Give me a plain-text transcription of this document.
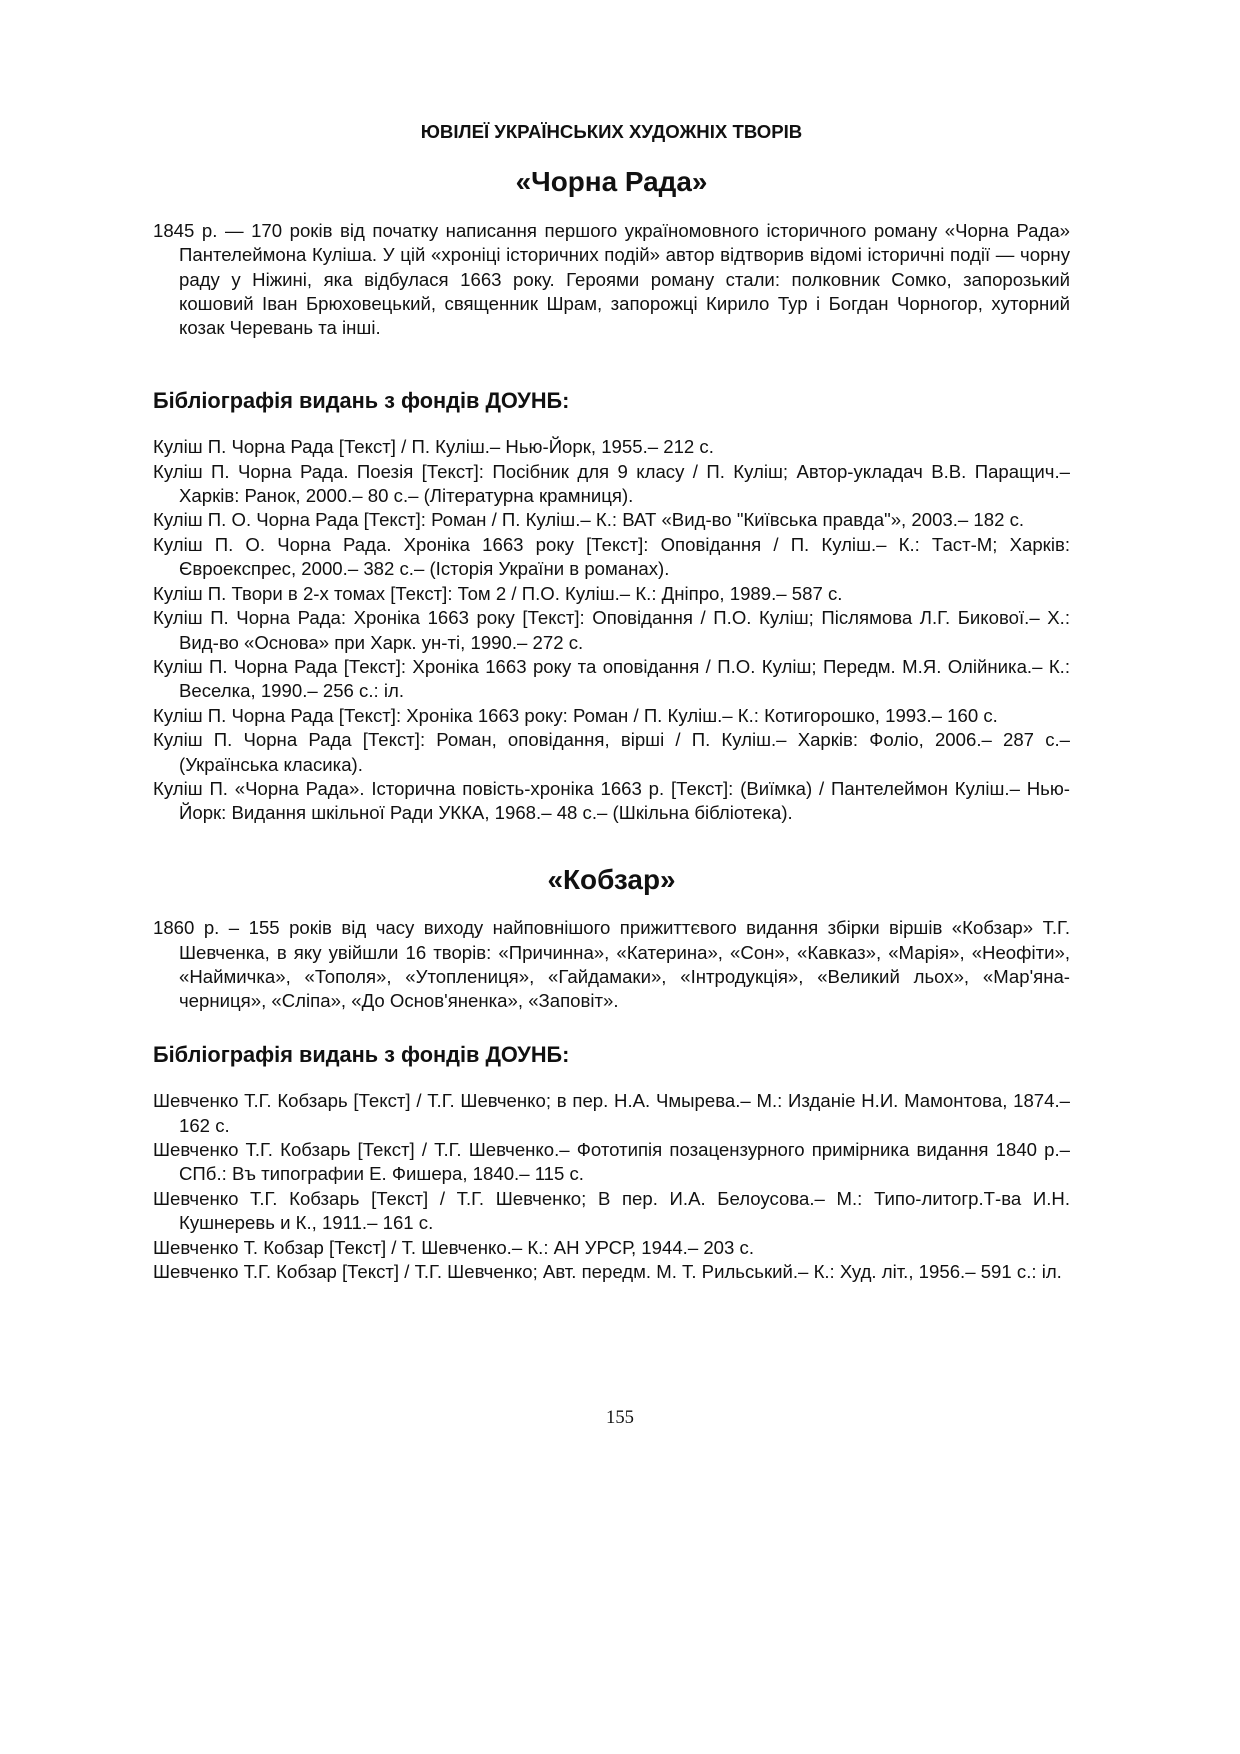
ЮВІЛЕЇ УКРАЇНСЬКИХ ХУДОЖНІХ ТВОРІВ
«Чорна Рада»

1845 р. — 170 років від початку написання першого україномовного історичного роману «Чорна Рада» Пантелеймона Куліша. У цій «хроніці історичних подій» автор відтворив відомі історичні події — чорну раду у Ніжині, яка відбулася 1663 року. Героями роману стали: полковник Сомко, запорозький кошовий Іван Брюховецький, священник Шрам, запорожці Кирило Тур і Богдан Чорногор, хуторний козак Черевань та інші.

Бібліографія видань з фондів ДОУНБ:
Куліш П. Чорна Рада [Текст] / П. Куліш.– Нью-Йорк, 1955.– 212 с.
Куліш П. Чорна Рада. Поезія [Текст]: Посібник для 9 класу / П. Куліш; Автор-укладач В.В. Паращич.– Харків: Ранок, 2000.– 80 с.– (Літературна крамниця).
Куліш П. О. Чорна Рада [Текст]: Роман / П. Куліш.– К.: ВАТ «Вид-во "Київська правда"», 2003.– 182 с.
Куліш П. О. Чорна Рада. Хроніка 1663 року [Текст]: Оповідання / П. Куліш.– К.: Таст-М; Харків: Євроекспрес, 2000.– 382 с.– (Історія України в романах).
Куліш П. Твори в 2-х томах [Текст]: Том 2 / П.О. Куліш.– К.: Дніпро, 1989.– 587 с.
Куліш П. Чорна Рада: Хроніка 1663 року [Текст]: Оповідання / П.О. Куліш; Післямова Л.Г. Бикової.– Х.: Вид-во «Основа» при Харк. ун-ті, 1990.– 272 с.
Куліш П. Чорна Рада [Текст]: Хроніка 1663 року та оповідання / П.О. Куліш; Передм. М.Я. Олійника.– К.: Веселка, 1990.– 256 с.: іл.
Куліш П. Чорна Рада [Текст]: Хроніка 1663 року: Роман / П. Куліш.– К.: Котигорошко, 1993.– 160 с.
Куліш П. Чорна Рада [Текст]: Роман, оповідання, вірші / П. Куліш.– Харків: Фоліо, 2006.– 287 с.– (Українська класика).
Куліш П. «Чорна Рада». Історична повість-хроніка 1663 р. [Текст]: (Виїмка) / Пантелеймон Куліш.– Нью-Йорк: Видання шкільної Ради УККА, 1968.– 48 с.– (Шкільна бібліотека).
«Кобзар»

1860 р. – 155 років від часу виходу найповнішого прижиттєвого видання збірки віршів «Кобзар» Т.Г. Шевченка, в яку увійшли 16 творів: «Причинна», «Катерина», «Сон», «Кавказ», «Марія», «Неофіти», «Наймичка», «Тополя», «Утоплениця», «Гайдамаки», «Інтродукція», «Великий льох», «Мар'яна-черниця», «Сліпа», «До Основ'яненка», «Заповіт».

Бібліографія видань з фондів ДОУНБ:
Шевченко Т.Г. Кобзарь [Текст] / Т.Г. Шевченко; в пер. Н.А. Чмырева.– М.: Изданіе Н.И. Мамонтова, 1874.– 162 с.
Шевченко Т.Г. Кобзарь [Текст] / Т.Г. Шевченко.– Фототипія позацензурного примірника видання 1840 р.– СПб.: Въ типографии Е. Фишера, 1840.– 115 с.
Шевченко Т.Г. Кобзарь [Текст] / Т.Г. Шевченко; В пер. И.А. Белоусова.– М.: Типо-литогр.Т-ва И.Н. Кушнеревь и К., 1911.– 161 с.
Шевченко Т. Кобзар [Текст] / Т. Шевченко.– К.: АН УРСР, 1944.– 203 с.
Шевченко Т.Г. Кобзар [Текст] / Т.Г. Шевченко; Авт. передм. М. Т. Рильський.– К.: Худ. літ., 1956.– 591 с.: іл.
155
